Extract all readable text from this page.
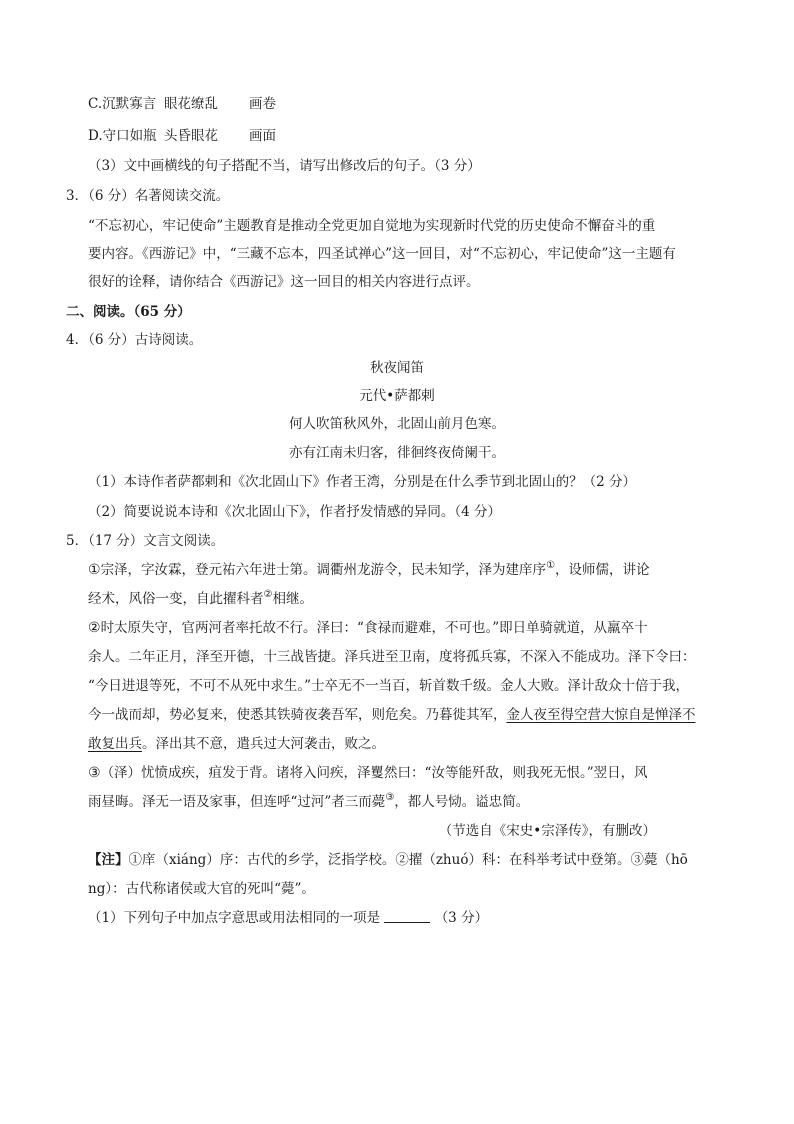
C.沉默寡言 眼花缭乱 画卷
D.守口如瓶 头昏眼花 画面
（3）文中画横线的句子搭配不当，请写出修改后的句子。（3 分）
3．（6 分）名著阅读交流。
“不忘初心，牢记使命”主题教育是推动全党更加自觉地为实现新时代党的历史使命不懈奋斗的重
要内容。《西游记》中，“三藏不忘本，四圣试禅心”这一回目，对“不忘初心，牢记使命”这一主题有
很好的诠释，请你结合《西游记》这一回目的相关内容进行点评。
二、阅读。（65 分）
4．（6 分）古诗阅读。
秋夜闻笛
元代•萨都剌
何人吹笛秋风外，北固山前月色寒。
亦有江南未归客，徘徊终夜倚阑干。
（1）本诗作者萨都剌和《次北固山下》作者王湾，分别是在什么季节到北固山的？（2 分）
（2）简要说说本诗和《次北固山下》，作者抒发情感的异同。（4 分）
5．（17 分）文言文阅读。
①宗泽，字汝霖，登元祐六年进士第。调衢州龙游令，民未知学，泽为建庠序①，设师儒，讲论
经术，风俗一变，自此擢科者②相继。
②时太原失守，官两河者率托故不行。泽曰：“食禄而避难，不可也。”即日单骑就道，从羸卒十
余人。二年正月，泽至开德，十三战皆捷。泽兵进至卫南，度将孤兵寡，不深入不能成功。泽下令曰：
“今日进退等死，不可不从死中求生。”士卒无不一当百，斩首数千级。金人大败。泽计敌众十倍于我，
今一战而却，势必复来，使悉其铁骑夜袭吾军，则危矣。乃暮徙其军，金人夜至得空营大惊自是惮泽不
敢复出兵。泽出其不意，遣兵过大河袭击，败之。
③（泽）忧愤成疾，疽发于背。诸将入问疾，泽矍然曰：“汝等能歼敌，则我死无恨。”翌日，风
雨昼晦。泽无一语及家事，但连呼“过河”者三而薨③，都人号恸。谥忠简。
（节选自《宋史•宗泽传》，有删改）
【注】①庠（xiáng）序：古代的乡学，泛指学校。②擢（zhuó）科：在科举考试中登第。③薨（hō
ng）：古代称诸侯或大官的死叫“薨”。
（1）下列句子中加点字意思或用法相同的一项是	（3 分）
